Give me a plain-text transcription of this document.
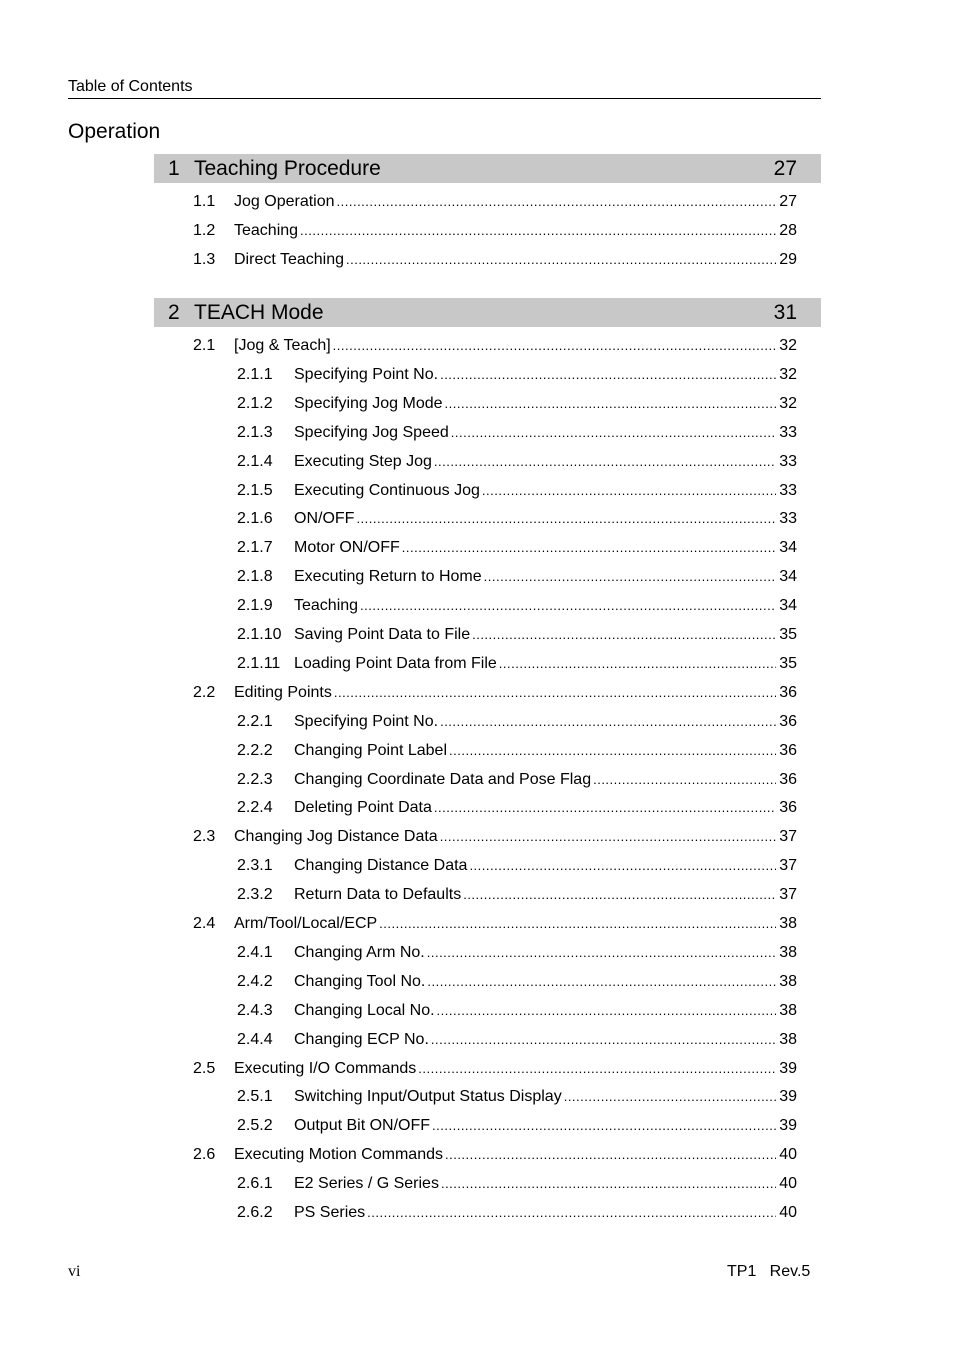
Table of Contents
Operation
1 Teaching Procedure	27
1.1	Jog Operation .....	27
1.2	Teaching .....	28
1.3	Direct Teaching .....	29
2 TEACH Mode	31
2.1	[Jog & Teach] .....	32
2.1.1	Specifying Point No. .....	32
2.1.2	Specifying Jog Mode .....	32
2.1.3	Specifying Jog Speed .....	33
2.1.4	Executing Step Jog .....	33
2.1.5	Executing Continuous Jog .....	33
2.1.6	ON/OFF .....	33
2.1.7	Motor ON/OFF .....	34
2.1.8	Executing Return to Home .....	34
2.1.9	Teaching .....	34
2.1.10 Saving Point Data to File .....	35
2.1.11 Loading Point Data from File .....	35
2.2	Editing Points .....	36
2.2.1	Specifying Point No. .....	36
2.2.2	Changing Point Label .....	36
2.2.3	Changing Coordinate Data and Pose Flag .....	36
2.2.4	Deleting Point Data .....	36
2.3	Changing Jog Distance Data .....	37
2.3.1	Changing Distance Data .....	37
2.3.2	Return Data to Defaults .....	37
2.4	Arm/Tool/Local/ECP .....	38
2.4.1	Changing Arm No. .....	38
2.4.2	Changing Tool No. .....	38
2.4.3	Changing Local No. .....	38
2.4.4	Changing ECP No. .....	38
2.5	Executing I/O Commands .....	39
2.5.1	Switching Input/Output Status Display .....	39
2.5.2	Output Bit ON/OFF .....	39
2.6	Executing Motion Commands .....	40
2.6.1	E2 Series / G Series .....	40
2.6.2	PS Series .....	40
vi	TP1   Rev.5
